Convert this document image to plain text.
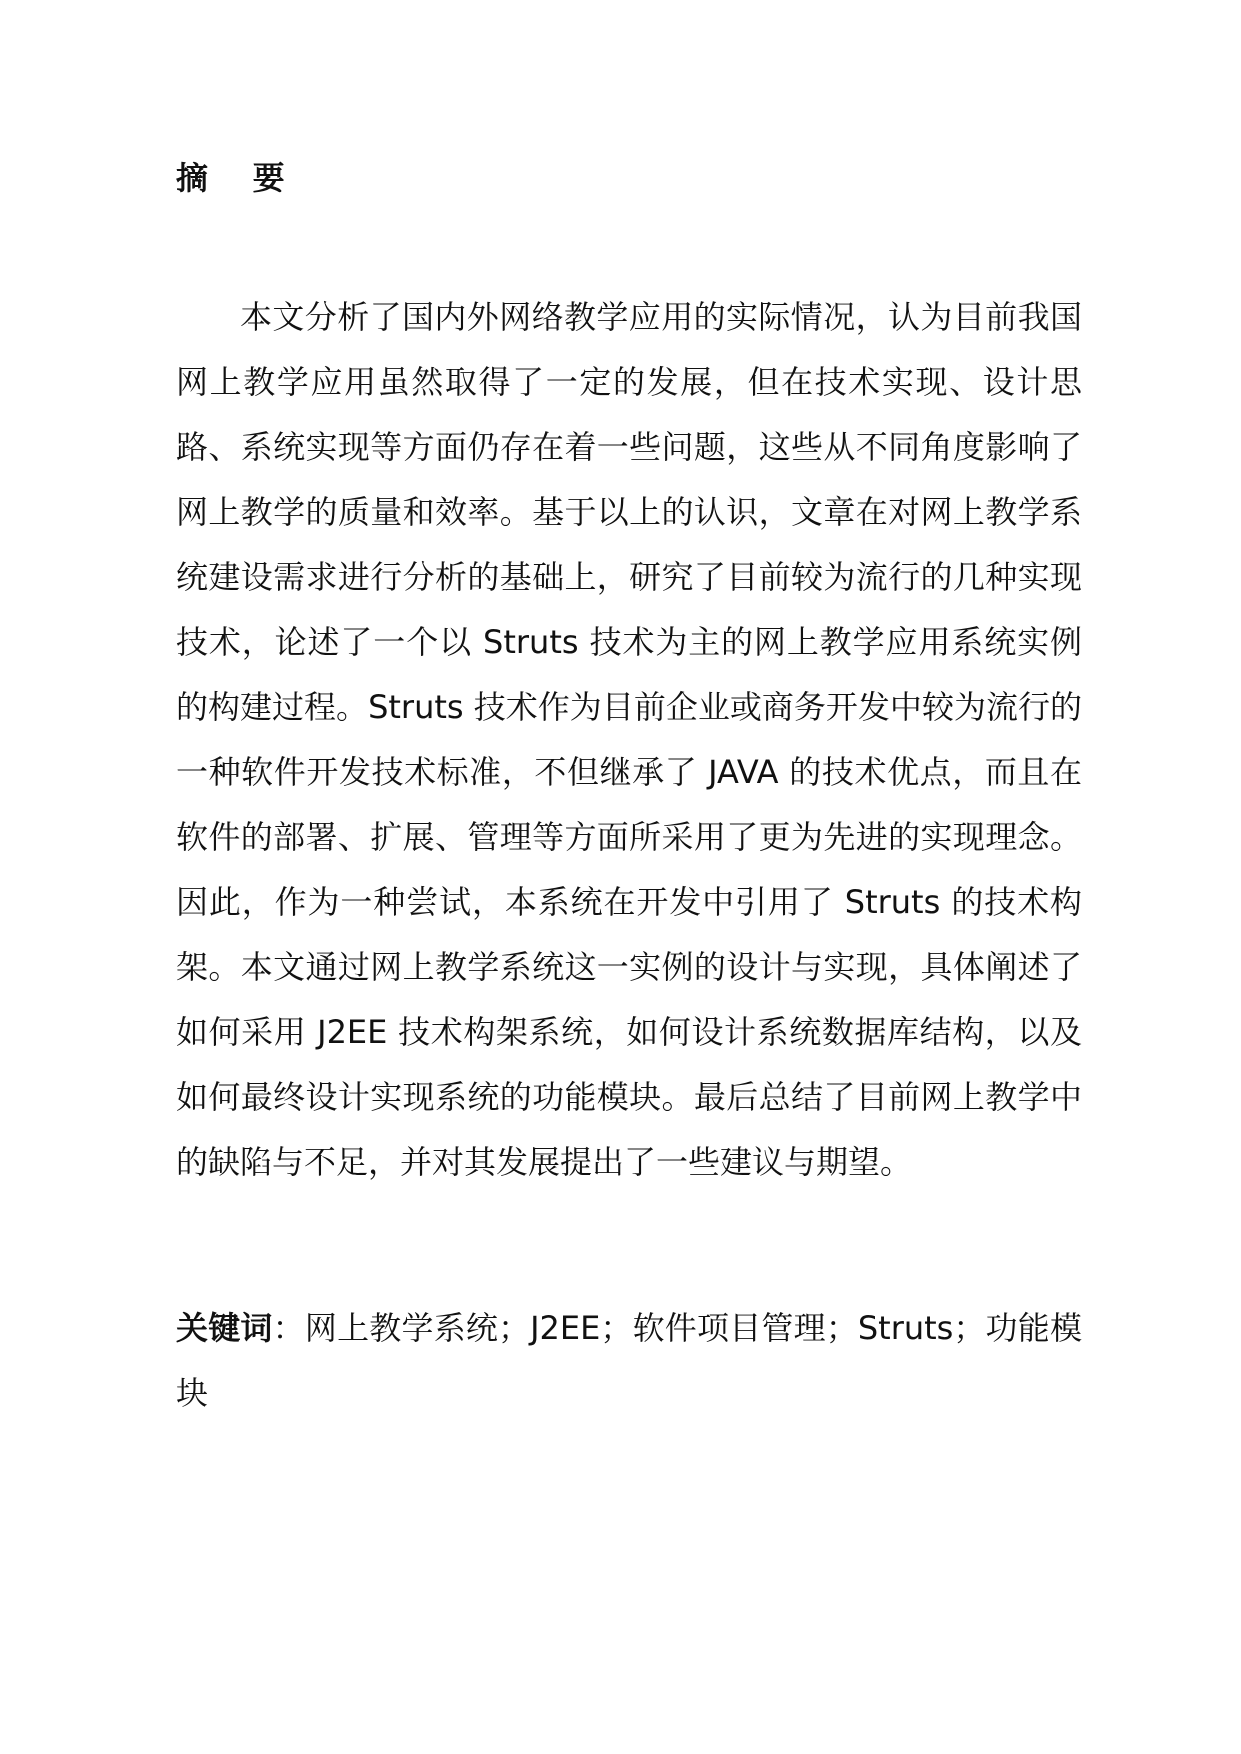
摘    要

本文分析了国内外网络教学应用的实际情况，认为目前我国网上教学应用虽然取得了一定的发展，但在技术实现、设计思路、系统实现等方面仍存在着一些问题，这些从不同角度影响了网上教学的质量和效率。基于以上的认识，文章在对网上教学系统建设需求进行分析的基础上，研究了目前较为流行的几种实现技术，论述了一个以 Struts 技术为主的网上教学应用系统实例的构建过程。Struts 技术作为目前企业或商务开发中较为流行的一种软件开发技术标准，不但继承了 JAVA 的技术优点，而且在软件的部署、扩展、管理等方面所采用了更为先进的实现理念。因此，作为一种尝试，本系统在开发中引用了 Struts 的技术构架。本文通过网上教学系统这一实例的设计与实现，具体阐述了如何采用 J2EE 技术构架系统，如何设计系统数据库结构，以及如何最终设计实现系统的功能模块。最后总结了目前网上教学中的缺陷与不足，并对其发展提出了一些建议与期望。

关键词：网上教学系统；J2EE；软件项目管理；Struts；功能模块
